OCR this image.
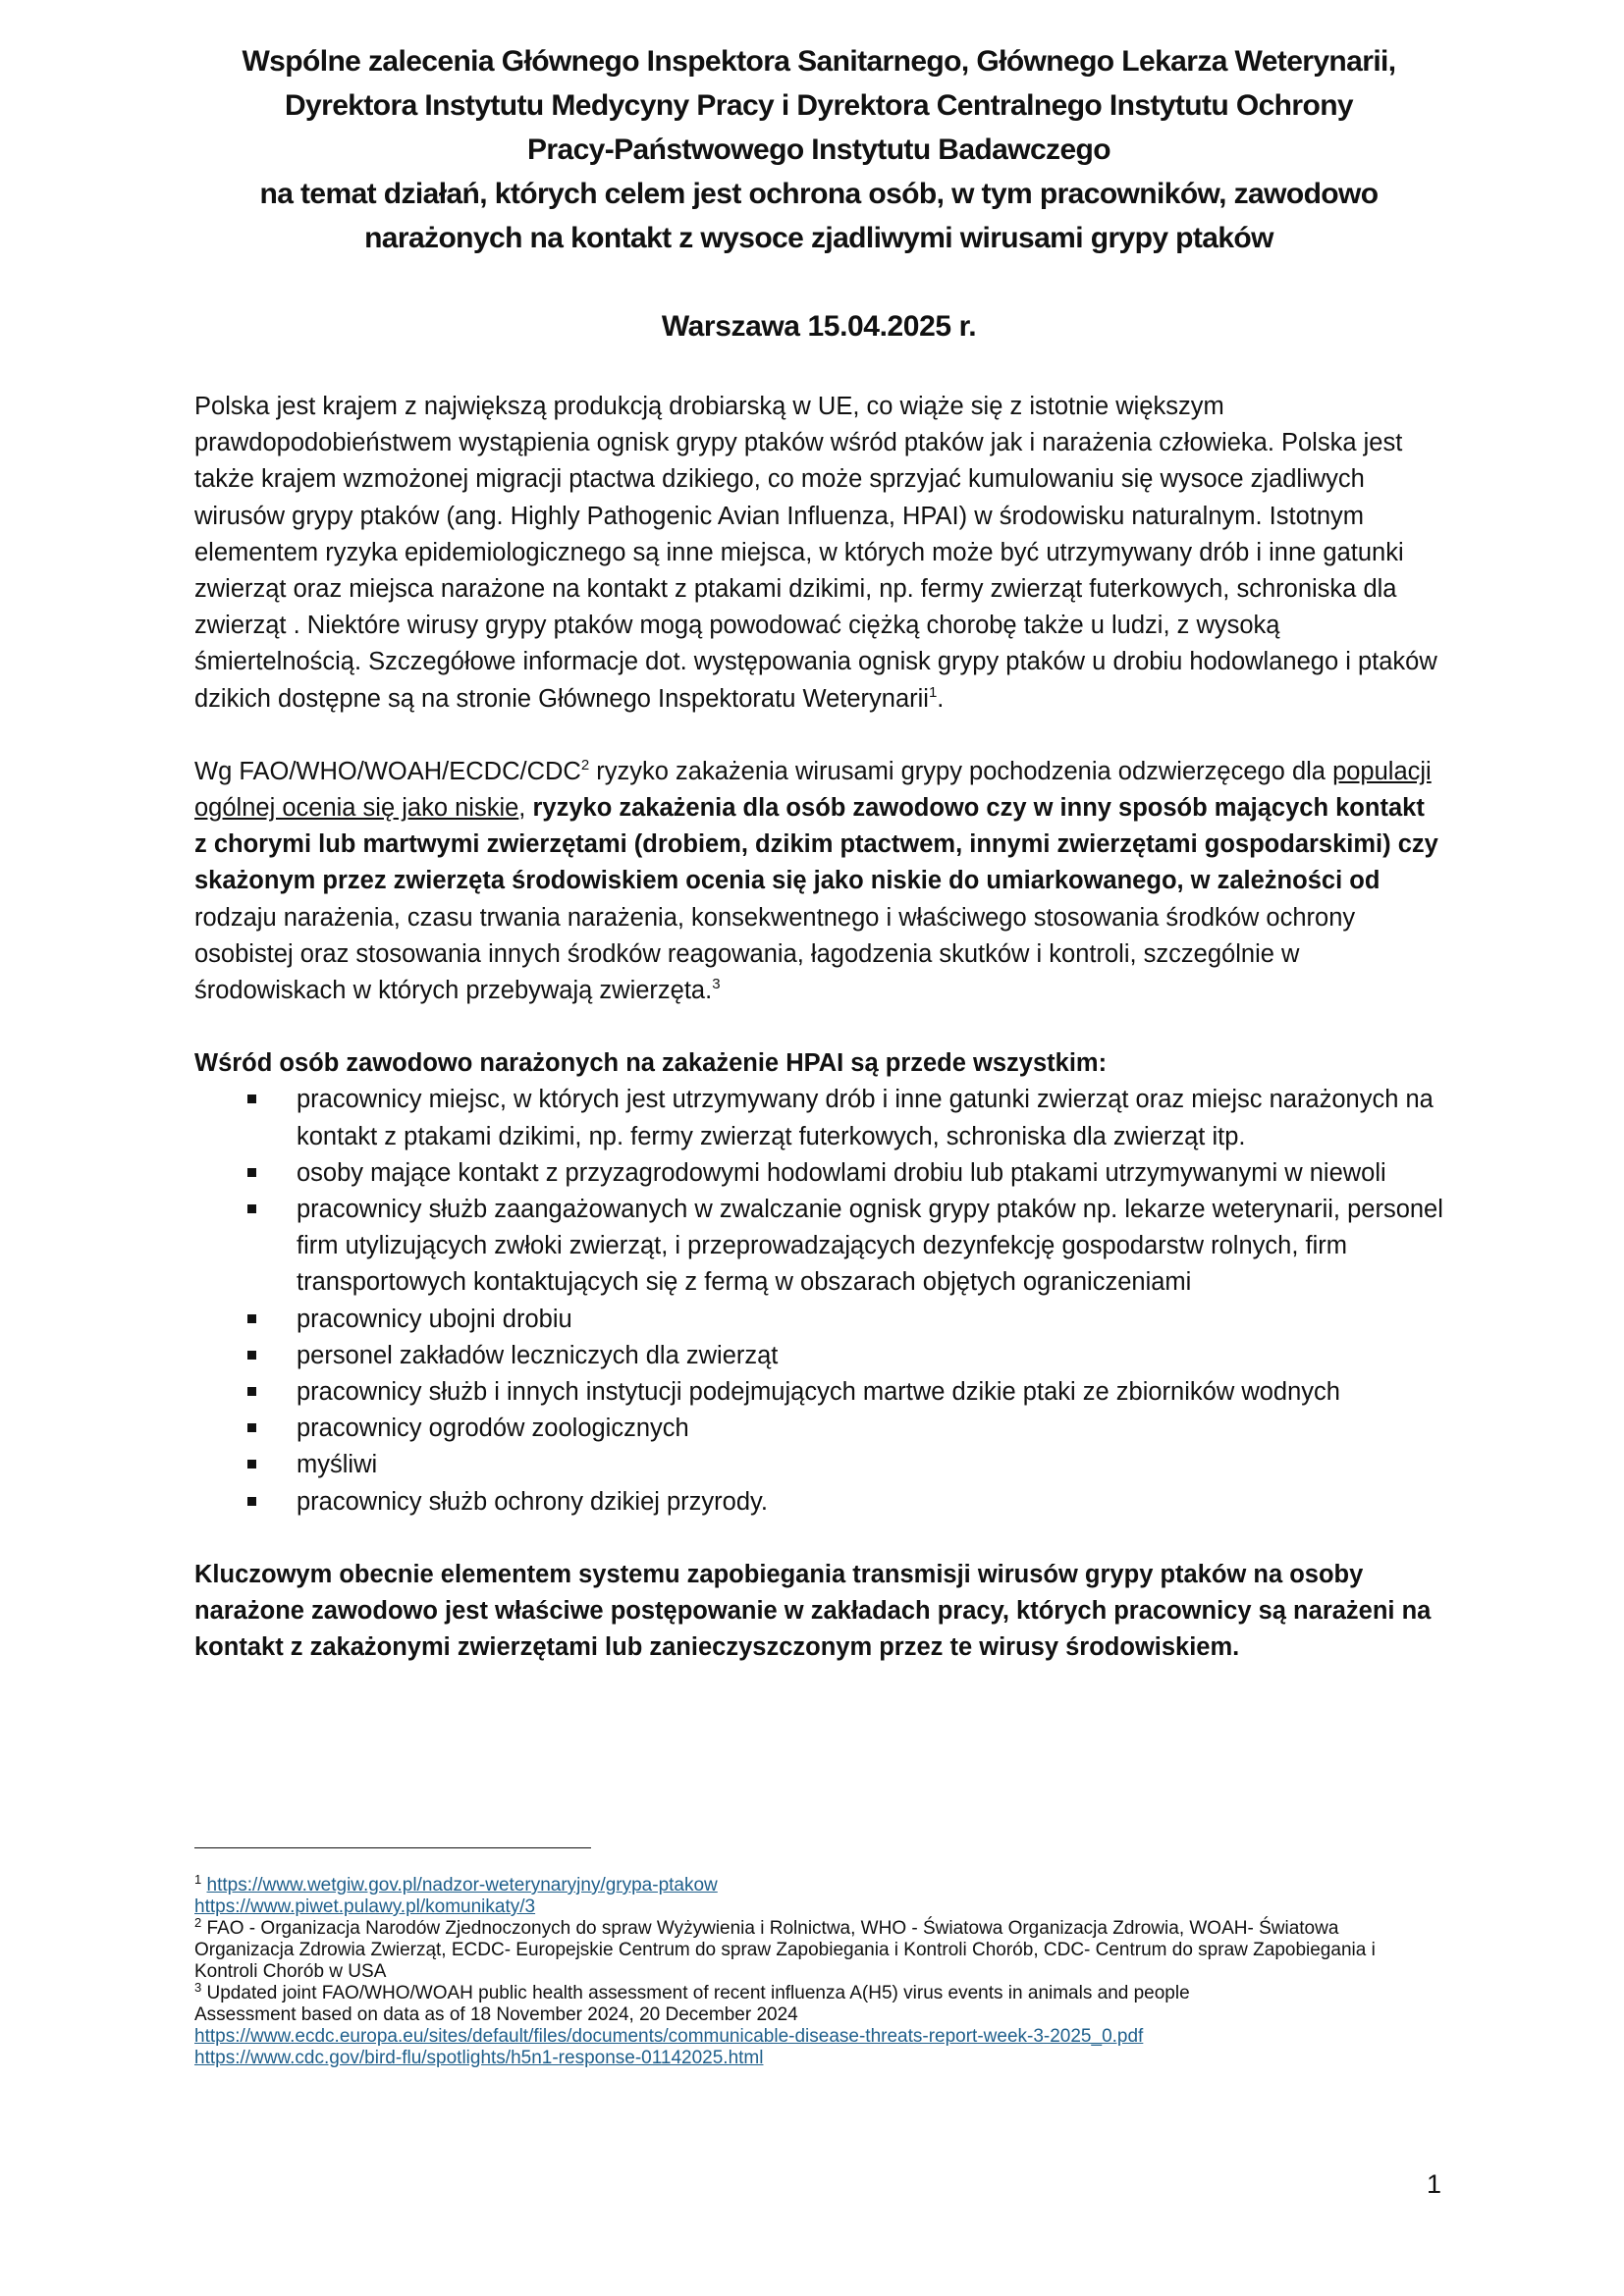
Wspólne zalecenia Głównego Inspektora Sanitarnego, Głównego Lekarza Weterynarii,
Dyrektora Instytutu Medycyny Pracy i Dyrektora Centralnego Instytutu Ochrony
Pracy-Państwowego Instytutu Badawczego
na temat działań, których celem jest ochrona osób, w tym pracowników, zawodowo
narażonych na kontakt z wysoce zjadliwymi wirusami grypy ptaków
Warszawa 15.04.2025 r.

Polska jest krajem z największą produkcją drobiarską w UE, co wiąże się z istotnie większym prawdopodobieństwem wystąpienia ognisk grypy ptaków wśród ptaków jak i narażenia człowieka. Polska jest także krajem wzmożonej migracji ptactwa dzikiego, co może sprzyjać kumulowaniu się wysoce zjadliwych wirusów grypy ptaków (ang. Highly Pathogenic Avian Influenza, HPAI) w środowisku naturalnym. Istotnym elementem ryzyka epidemiologicznego są inne miejsca, w których może być utrzymywany drób i inne gatunki zwierząt oraz miejsca narażone na kontakt z ptakami dzikimi, np. fermy zwierząt futerkowych, schroniska dla zwierząt . Niektóre wirusy grypy ptaków mogą powodować ciężką chorobę także u ludzi, z wysoką śmiertelnością. Szczegółowe informacje dot. występowania ognisk grypy ptaków u drobiu hodowlanego i ptaków dzikich dostępne są na stronie Głównego Inspektoratu Weterynarii$^1$.

Wg FAO/WHO/WOAH/ECDC/CDC$^2$ ryzyko zakażenia wirusami grypy pochodzenia odzwierzęcego dla populacji ogólnej ocenia się jako niskie, ryzyko zakażenia dla osób zawodowo czy w inny sposób mających kontakt z chorymi lub martwymi zwierzętami (drobiem, dzikim ptactwem, innymi zwierzętami gospodarskimi) czy skażonym przez zwierzęta środowiskiem ocenia się jako niskie do umiarkowanego, w zależności od rodzaju narażenia, czasu trwania narażenia, konsekwentnego i właściwego stosowania środków ochrony osobistej oraz stosowania innych środków reagowania, łagodzenia skutków i kontroli, szczególnie w środowiskach w których przebywają zwierzęta.$^3$

Wśród osób zawodowo narażonych na zakażenie HPAI są przede wszystkim:
pracownicy miejsc, w których jest utrzymywany drób i inne gatunki zwierząt oraz miejsc narażonych na kontakt z ptakami dzikimi, np. fermy zwierząt futerkowych, schroniska dla zwierząt itp.
osoby mające kontakt z przyzagrodowymi hodowlami drobiu lub ptakami utrzymywanymi w niewoli
pracownicy służb zaangażowanych w zwalczanie ognisk grypy ptaków np. lekarze weterynarii, personel firm utylizujących zwłoki zwierząt, i przeprowadzających dezynfekcję gospodarstw rolnych, firm transportowych kontaktujących się z fermą w obszarach objętych ograniczeniami
pracownicy ubojni drobiu
personel zakładów leczniczych dla zwierząt
pracownicy służb i innych instytucji podejmujących martwe dzikie ptaki ze zbiorników wodnych
pracownicy ogrodów zoologicznych
myśliwi
pracownicy służb ochrony dzikiej przyrody.
Kluczowym obecnie elementem systemu zapobiegania transmisji wirusów grypy ptaków na osoby narażone zawodowo jest właściwe postępowanie w zakładach pracy, których pracownicy są narażeni na kontakt z zakażonymi zwierzętami lub zanieczyszczonym przez te wirusy środowiskiem.
$^1$ https://www.wetgiw.gov.pl/nadzor-weterynaryjny/grypa-ptakow
https://www.piwet.pulawy.pl/komunikaty/3
$^2$ FAO - Organizacja Narodów Zjednoczonych do spraw Wyżywienia i Rolnictwa, WHO - Światowa Organizacja Zdrowia, WOAH- Światowa Organizacja Zdrowia Zwierząt, ECDC- Europejskie Centrum do spraw Zapobiegania i Kontroli Chorób, CDC- Centrum do spraw Zapobiegania i Kontroli Chorób w USA
$^3$ Updated joint FAO/WHO/WOAH public health assessment of recent influenza A(H5) virus events in animals and people
Assessment based on data as of 18 November 2024, 20 December 2024
https://www.ecdc.europa.eu/sites/default/files/documents/communicable-disease-threats-report-week-3-2025_0.pdf
https://www.cdc.gov/bird-flu/spotlights/h5n1-response-01142025.html
1
